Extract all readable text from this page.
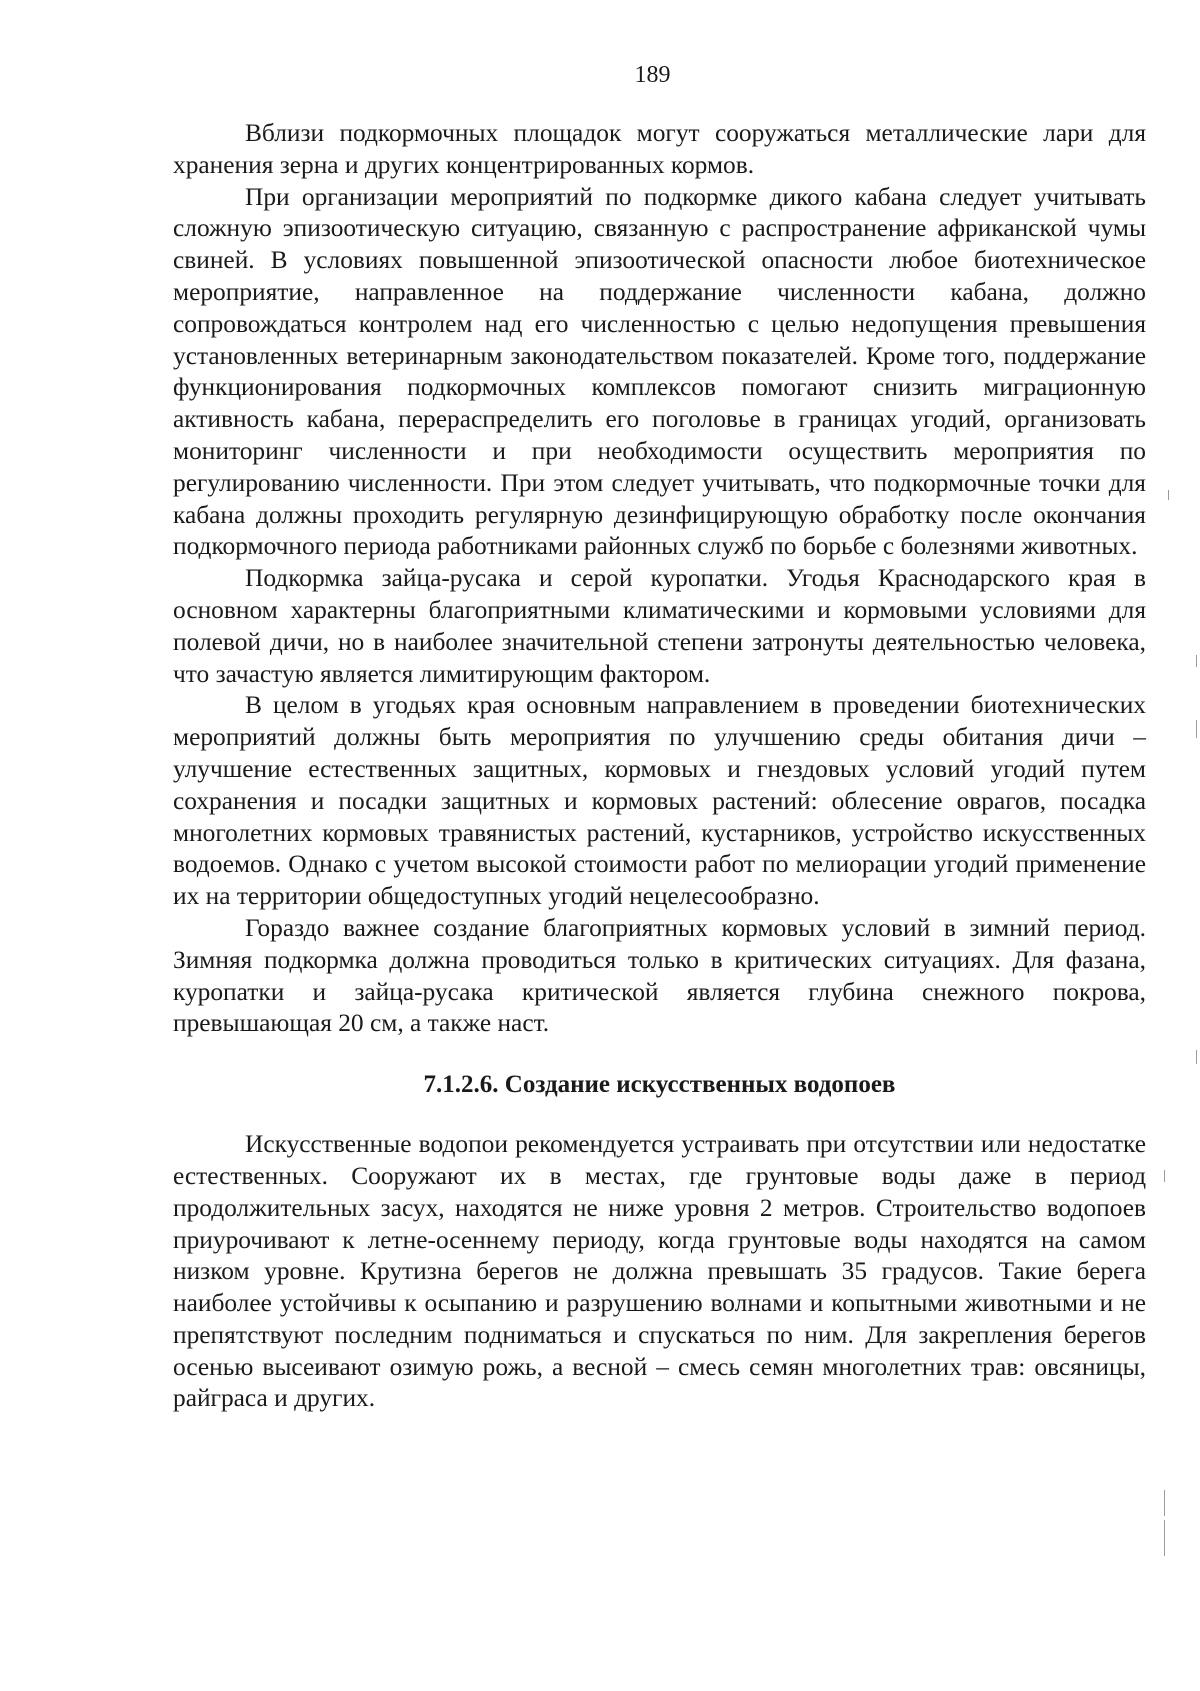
189

Вблизи подкормочных площадок могут сооружаться металлические лари для хранения зерна и других концентрированных кормов.

При организации мероприятий по подкормке дикого кабана следует учитывать сложную эпизоотическую ситуацию, связанную с распространение африканской чумы свиней. В условиях повышенной эпизоотической опасности любое биотехническое мероприятие, направленное на поддержание численности кабана, должно сопровождаться контролем над его численностью с целью недопущения превышения установленных ветеринарным законодательством показателей. Кроме того, поддержание функционирования подкормочных комплексов помогают снизить миграционную активность кабана, перераспределить его поголовье в границах угодий, организовать мониторинг численности и при необходимости осуществить мероприятия по регулированию численности. При этом следует учитывать, что подкормочные точки для кабана должны проходить регулярную дезинфицирующую обработку после окончания подкормочного периода работниками районных служб по борьбе с болезнями животных.

Подкормка зайца-русака и серой куропатки. Угодья Краснодарского края в основном характерны благоприятными климатическими и кормовыми условиями для полевой дичи, но в наиболее значительной степени затронуты деятельностью человека, что зачастую является лимитирующим фактором.

В целом в угодьях края основным направлением в проведении биотехнических мероприятий должны быть мероприятия по улучшению среды обитания дичи – улучшение естественных защитных, кормовых и гнездовых условий угодий путем сохранения и посадки защитных и кормовых растений: облесение оврагов, посадка многолетних кормовых травянистых растений, кустарников, устройство искусственных водоемов. Однако с учетом высокой стоимости работ по мелиорации угодий применение их на территории общедоступных угодий нецелесообразно.

Гораздо важнее создание благоприятных кормовых условий в зимний период. Зимняя подкормка должна проводиться только в критических ситуациях. Для фазана, куропатки и зайца-русака критической является глубина снежного покрова, превышающая 20 см, а также наст.

7.1.2.6. Создание искусственных водопоев

Искусственные водопои рекомендуется устраивать при отсутствии или недостатке естественных. Сооружают их в местах, где грунтовые воды даже в период продолжительных засух, находятся не ниже уровня 2 метров. Строительство водопоев приурочивают к летне-осеннему периоду, когда грунтовые воды находятся на самом низком уровне. Крутизна берегов не должна превышать 35 градусов. Такие берега наиболее устойчивы к осыпанию и разрушению волнами и копытными животными и не препятствуют последним подниматься и спускаться по ним. Для закрепления берегов осенью высеивают озимую рожь, а весной – смесь семян многолетних трав: овсяницы, райграса и других.
